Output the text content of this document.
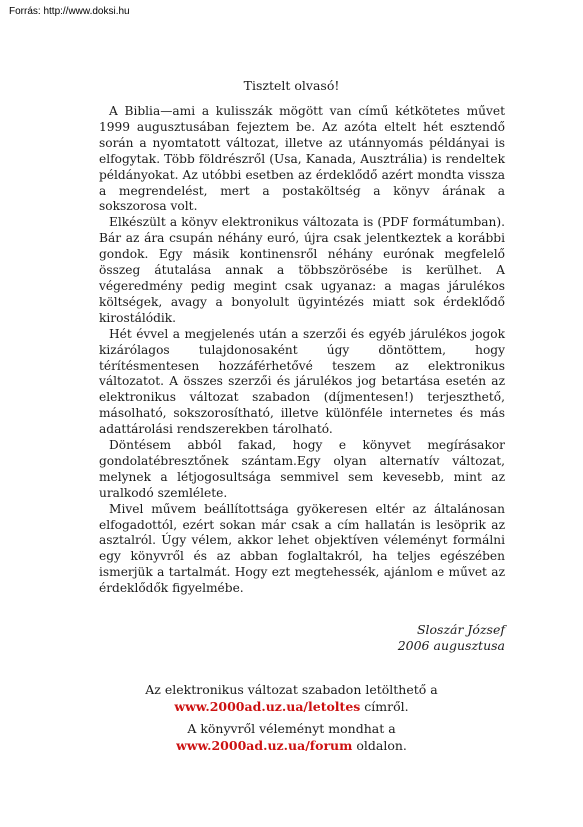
Forrás: http://www.doksi.hu
Tisztelt olvasó!

A Biblia—ami a kulisszák mögött van című kétkötetes művet 1999 augusztusában fejeztem be. Az azóta eltelt hét esztendő során a nyomtatott változat, illetve az utánnyomás példányai is elfogytak. Több földrészről (Usa, Kanada, Ausztrália) is rendeltek példányokat. Az utóbbi esetben az érdeklődő azért mondta vissza a megrendelést, mert a postaköltség a könyv árának a sokszorosa volt.

Elkészült a könyv elektronikus változata is (PDF formátumban). Bár az ára csupán néhány euró, újra csak jelentkeztek a korábbi gondok. Egy másik kontinensről néhány eurónak megfelelő összeg átutalása annak a többszörösébe is kerülhet. A végeredmény pedig megint csak ugyanaz: a magas járulékos költségek, avagy a bonyolult ügyintézés miatt sok érdeklődő kirostálódik.

Hét évvel a megjelenés után a szerzői és egyéb járulékos jogok kizárólagos tulajdonosaként úgy döntöttem, hogy térítésmentesen hozzáférhetővé teszem az elektronikus változatot. A összes szerzői és járulékos jog betartása esetén az elektronikus változat szabadon (díjmentesen!) terjeszthető, másolható, sokszorosítható, illetve különféle internetes és más adattárolási rendszerekben tárolható.

Döntésem abból fakad, hogy e könyvet megírásakor gondolatébresztőnek szántam.Egy olyan alternatív változat, melynek a létjogosultsága semmivel sem kevesebb, mint az uralkodó szemlélete.

Mivel művem beállítottsága gyökeresen eltér az általánosan elfogadottól, ezért sokan már csak a cím hallatán is lesöprik az asztalról. Úgy vélem, akkor lehet objektíven véleményt formálni egy könyvről és az abban foglaltakról, ha teljes egészében ismerjük a tartalmát. Hogy ezt megtehessék, ajánlom e művet az érdeklődők figyelmébe.

Sloszár József
2006 augusztusa
Az elektronikus változat szabadon letölthető a
www.2000ad.uz.ua/letoltes címről.
A könyvről véleményt mondhat a
www.2000ad.uz.ua/forum oldalon.
